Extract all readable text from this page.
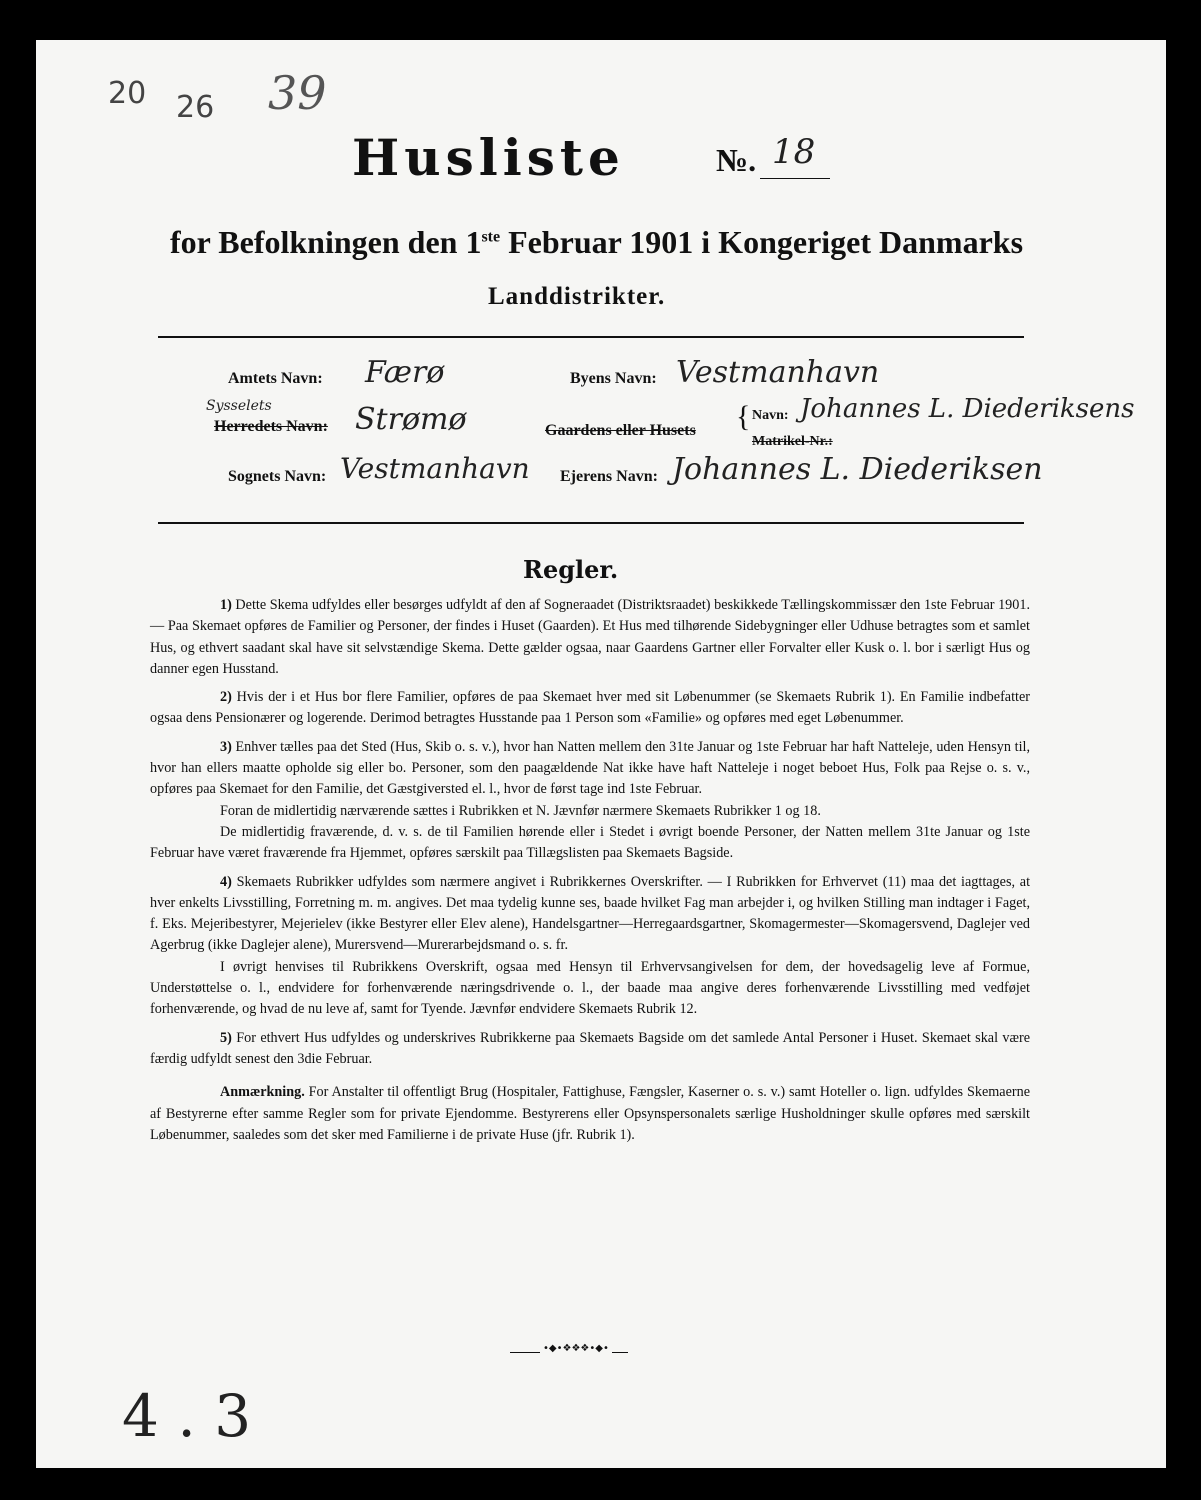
20 26 39
Husliste	№. 18
for Befolkningen den 1ste Februar 1901 i Kongeriget Danmarks
Landdistrikter.
Amtets Navn: Færø	Byens Navn: Vestmanhavn
Sysselets
Herredets Navn: Strømø	Gaardens eller Husets { Navn: Johannes L. Diederiksens
Matrikel-Nr.:
Sognets Navn: Vestmanhavn Ejerens Navn: Johannes L. Diederiksen
Regler.

1) Dette Skema udfyldes eller besørges udfyldt af den af Sogneraadet (Distriktsraadet) beskikkede Tællingskommissær den 1ste Februar 1901. — Paa Skemaet opføres de Familier og Personer, der findes i Huset (Gaarden). Et Hus med tilhørende Sidebygninger eller Udhuse betragtes som et samlet Hus, og ethvert saadant skal have sit selvstændige Skema. Dette gælder ogsaa, naar Gaardens Gartner eller Forvalter eller Kusk o. l. bor i særligt Hus og danner egen Husstand.

2) Hvis der i et Hus bor flere Familier, opføres de paa Skemaet hver med sit Løbenummer (se Skemaets Rubrik 1). En Familie indbefatter ogsaa dens Pensionærer og logerende. Derimod betragtes Husstande paa 1 Person som «Familie» og opføres med eget Løbenummer.

3) Enhver tælles paa det Sted (Hus, Skib o. s. v.), hvor han Natten mellem den 31te Januar og 1ste Februar har haft Natteleje, uden Hensyn til, hvor han ellers maatte opholde sig eller bo. Personer, som den paagældende Nat ikke have haft Natteleje i noget beboet Hus, Folk paa Rejse o. s. v., opføres paa Skemaet for den Familie, det Gæstgiversted el. l., hvor de først tage ind 1ste Februar.

Foran de midlertidig nærværende sættes i Rubrikken et N. Jævnfør nærmere Skemaets Rubrikker 1 og 18.

De midlertidig fraværende, d. v. s. de til Familien hørende eller i Stedet i øvrigt boende Personer, der Natten mellem 31te Januar og 1ste Februar have været fraværende fra Hjemmet, opføres særskilt paa Tillægslisten paa Skemaets Bagside.

4) Skemaets Rubrikker udfyldes som nærmere angivet i Rubrikkernes Overskrifter. — I Rubrikken for Erhvervet (11) maa det iagttages, at hver enkelts Livsstilling, Forretning m. m. angives. Det maa tydelig kunne ses, baade hvilket Fag man arbejder i, og hvilken Stilling man indtager i Faget, f. Eks. Mejeribestyrer, Mejerielev (ikke Bestyrer eller Elev alene), Handelsgartner—Herregaardsgartner, Skomagermester—Skomagersvend, Daglejer ved Agerbrug (ikke Daglejer alene), Murersvend—Murerarbejdsmand o. s. fr.

I øvrigt henvises til Rubrikkens Overskrift, ogsaa med Hensyn til Erhvervsangivelsen for dem, der hovedsagelig leve af Formue, Understøttelse o. l., endvidere for forhenværende næringsdrivende o. l., der baade maa angive deres forhenværende Livsstilling med vedføjet forhenværende, og hvad de nu leve af, samt for Tyende. Jævnfør endvidere Skemaets Rubrik 12.

5) For ethvert Hus udfyldes og underskrives Rubrikkerne paa Skemaets Bagside om det samlede Antal Personer i Huset. Skemaet skal være færdig udfyldt senest den 3die Februar.

Anmærkning. For Anstalter til offentligt Brug (Hospitaler, Fattighuse, Fængsler, Kaserner o. s. v.) samt Hoteller o. lign. udfyldes Skemaerne af Bestyrerne efter samme Regler som for private Ejendomme. Bestyrerens eller Opsynspersonalets særlige Husholdninger skulle opføres med særskilt Løbenummer, saaledes som det sker med Familierne i de private Huse (jfr. Rubrik 1).

•◆•❖❖❖•◆•
4 . 3
